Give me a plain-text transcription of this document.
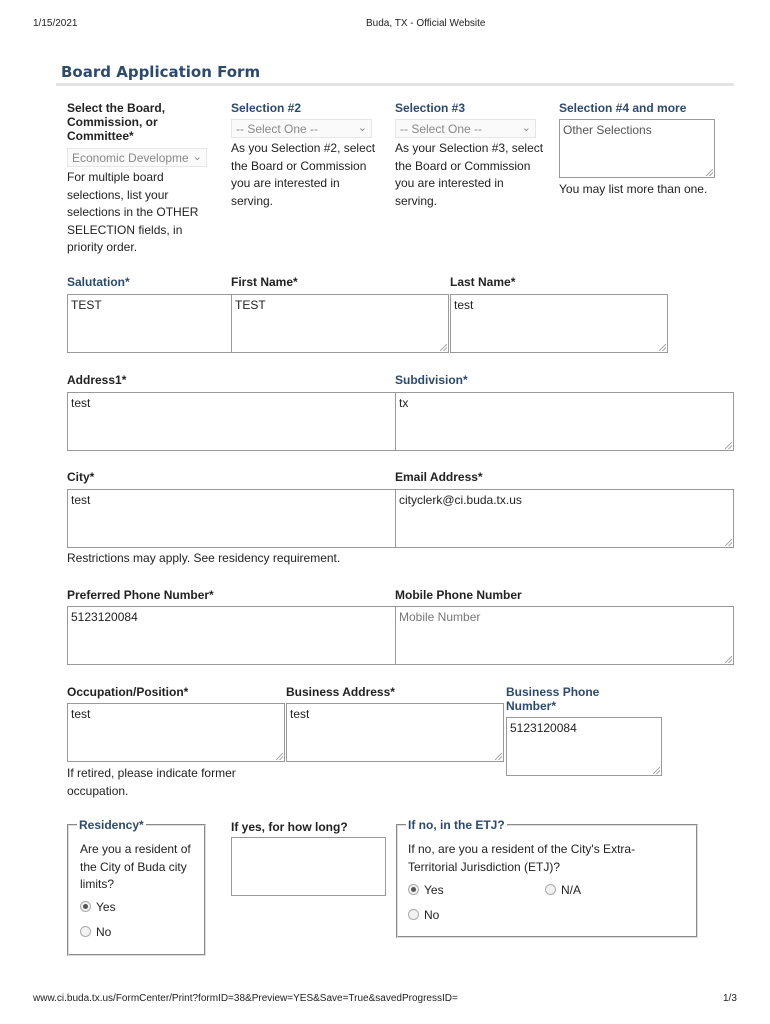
1/15/2021	Buda, TX - Official Website
Board Application Form
Select the Board, Commission, or Committee*
Economic Developme ⌄
For multiple board selections, list your selections in the OTHER SELECTION fields, in priority order.
Selection #2
-- Select One --	⌄
As you Selection #2, select the Board or Commission you are interested in serving.
Selection #3
-- Select One --	⌄
As your Selection #3, select the Board or Commission you are interested in serving.
Selection #4 and more
Other Selections
You may list more than one.
Salutation*
TEST
First Name*
TEST
Last Name*
test
Address1*
test
Subdivision*
tx
City*
test
Restrictions may apply. See residency requirement.
Email Address*
cityclerk@ci.buda.tx.us
Preferred Phone Number*
5123120084
Mobile Phone Number
Mobile Number
Occupation/Position*
test
If retired, please indicate former occupation.
Business Address*
test
Business Phone Number*
5123120084
Residency*
Are you a resident of the City of Buda city limits?
Yes
No
If yes, for how long?	If no, in the ETJ?
If no, are you a resident of the City's Extra-Territorial Jurisdiction (ETJ)?
Yes	N/A
No
www.ci.buda.tx.us/FormCenter/Print?formID=38&Preview=YES&Save=True&savedProgressID=	1/3
